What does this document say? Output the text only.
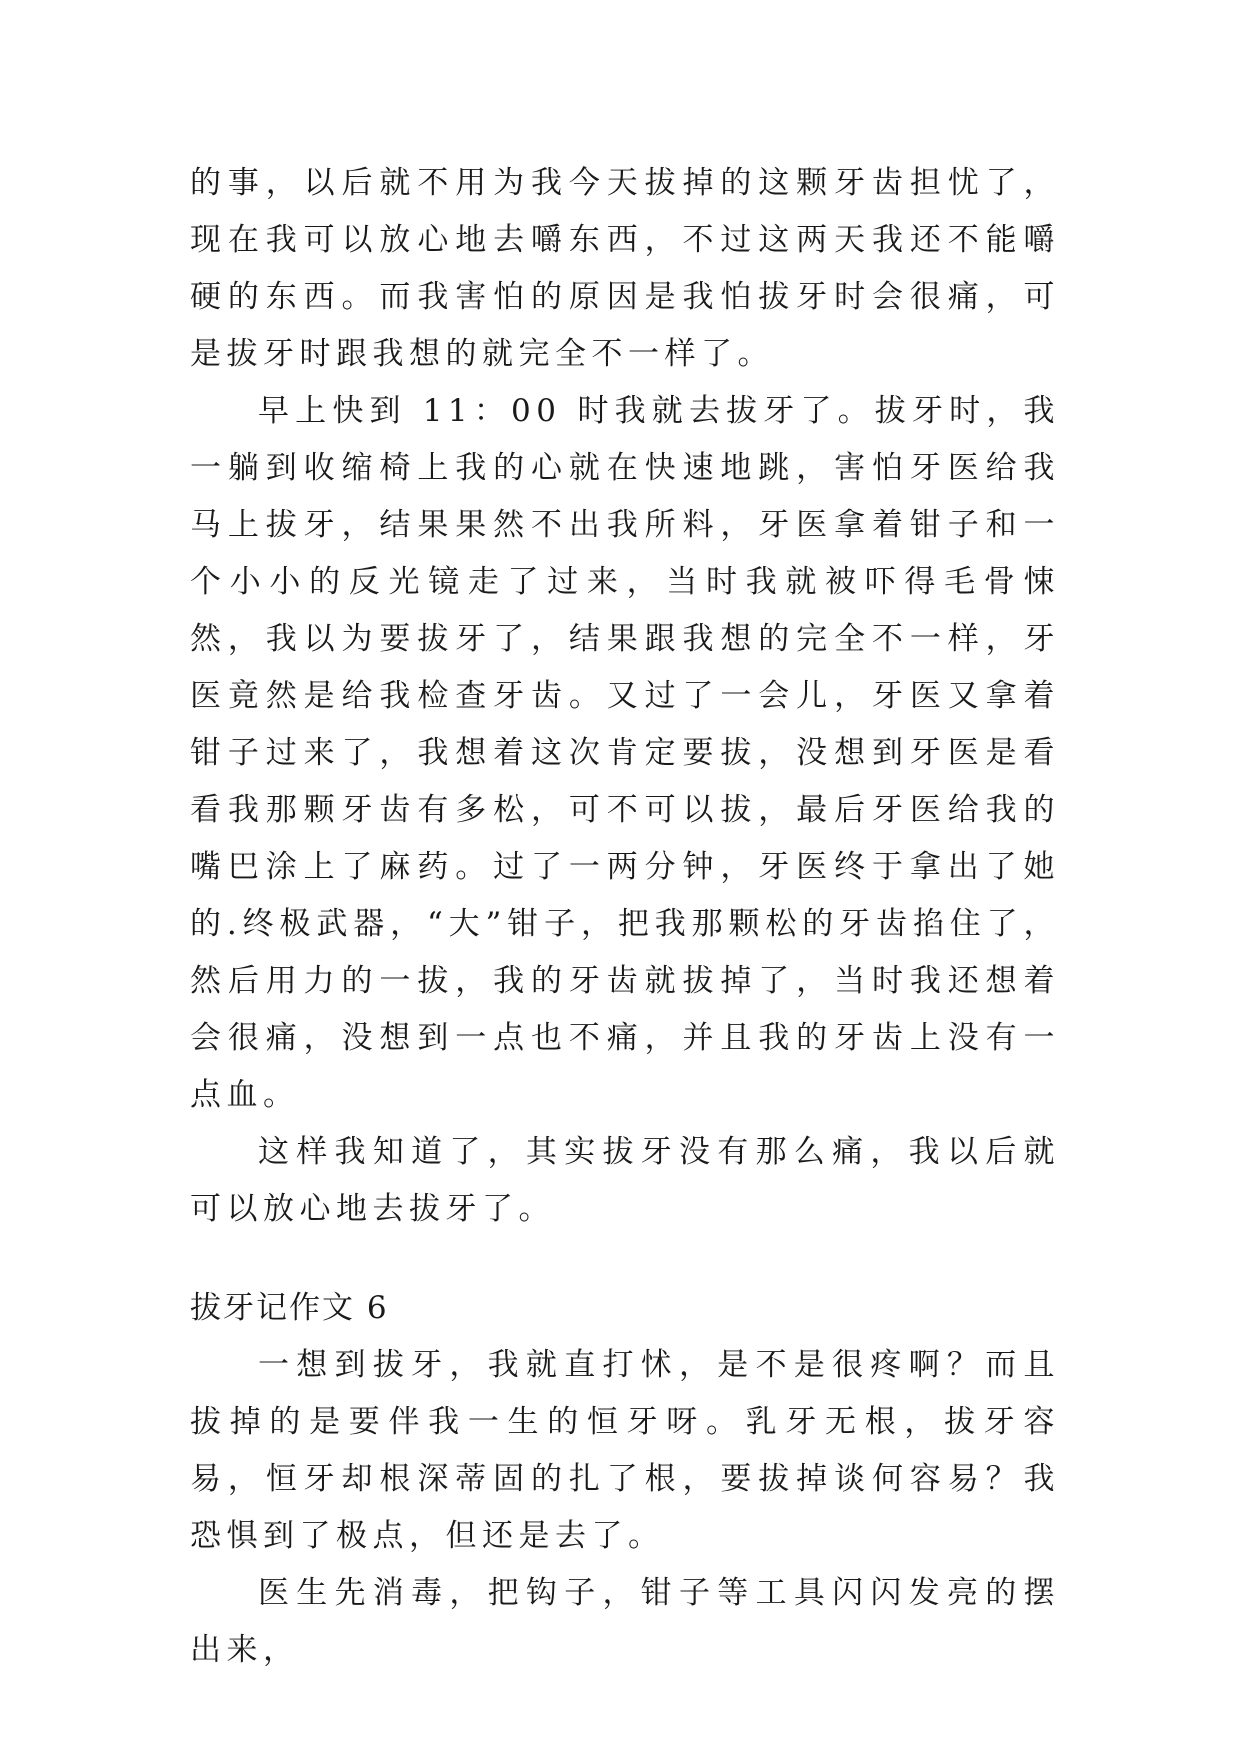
的事，以后就不用为我今天拔掉的这颗牙齿担忧了，现在我可以放心地去嚼东西，不过这两天我还不能嚼硬的东西。而我害怕的原因是我怕拔牙时会很痛，可是拔牙时跟我想的就完全不一样了。

早上快到 11：00 时我就去拔牙了。拔牙时，我一躺到收缩椅上我的心就在快速地跳，害怕牙医给我马上拔牙，结果果然不出我所料，牙医拿着钳子和一个小小的反光镜走了过来，当时我就被吓得毛骨悚然，我以为要拔牙了，结果跟我想的完全不一样，牙医竟然是给我检查牙齿。又过了一会儿，牙医又拿着钳子过来了，我想着这次肯定要拔，没想到牙医是看看我那颗牙齿有多松，可不可以拔，最后牙医给我的嘴巴涂上了麻药。过了一两分钟，牙医终于拿出了她的.终极武器，“大”钳子，把我那颗松的牙齿掐住了，然后用力的一拔，我的牙齿就拔掉了，当时我还想着会很痛，没想到一点也不痛，并且我的牙齿上没有一点血。

这样我知道了，其实拔牙没有那么痛，我以后就可以放心地去拔牙了。

拔牙记作文 6

一想到拔牙，我就直打怵，是不是很疼啊？而且拔掉的是要伴我一生的恒牙呀。乳牙无根，拔牙容易，恒牙却根深蒂固的扎了根，要拔掉谈何容易？我恐惧到了极点，但还是去了。

医生先消毒，把钩子，钳子等工具闪闪发亮的摆出来，
